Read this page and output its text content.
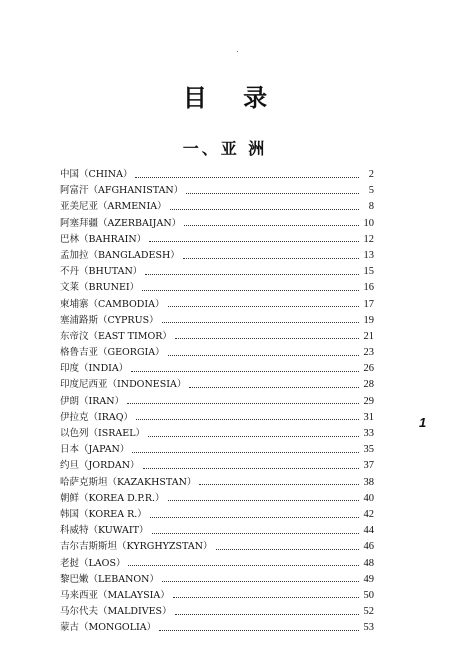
目 录
一、亚 洲
中国（CHINA）	2
阿富汗（AFGHANISTAN）	5
亚美尼亚（ARMENIA）	8
阿塞拜疆（AZERBAIJAN）	10
巴林（BAHRAIN）	12
孟加拉（BANGLADESH）	13
不丹（BHUTAN）	15
文莱（BRUNEI）	16
柬埔寨（CAMBODIA）	17
塞浦路斯（CYPRUS）	19
东帝汶（EAST TIMOR）	21
格鲁吉亚（GEORGIA）	23
印度（INDIA）	26
印度尼西亚（INDONESIA）	28
伊朗（IRAN）	29
伊拉克（IRAQ）	31
以色列（ISRAEL）	33
日本（JAPAN）	35
约旦（JORDAN）	37
哈萨克斯坦（KAZAKHSTAN）	38
朝鲜（KOREA D.P.R.）	40
韩国（KOREA R.）	42
科威特（KUWAIT）	44
吉尔吉斯斯坦（KYRGHYZSTAN）	46
老挝（LAOS）	48
黎巴嫩（LEBANON）	49
马来西亚（MALAYSIA）	50
马尔代夫（MALDIVES）	52
蒙古（MONGOLIA）	53
1
